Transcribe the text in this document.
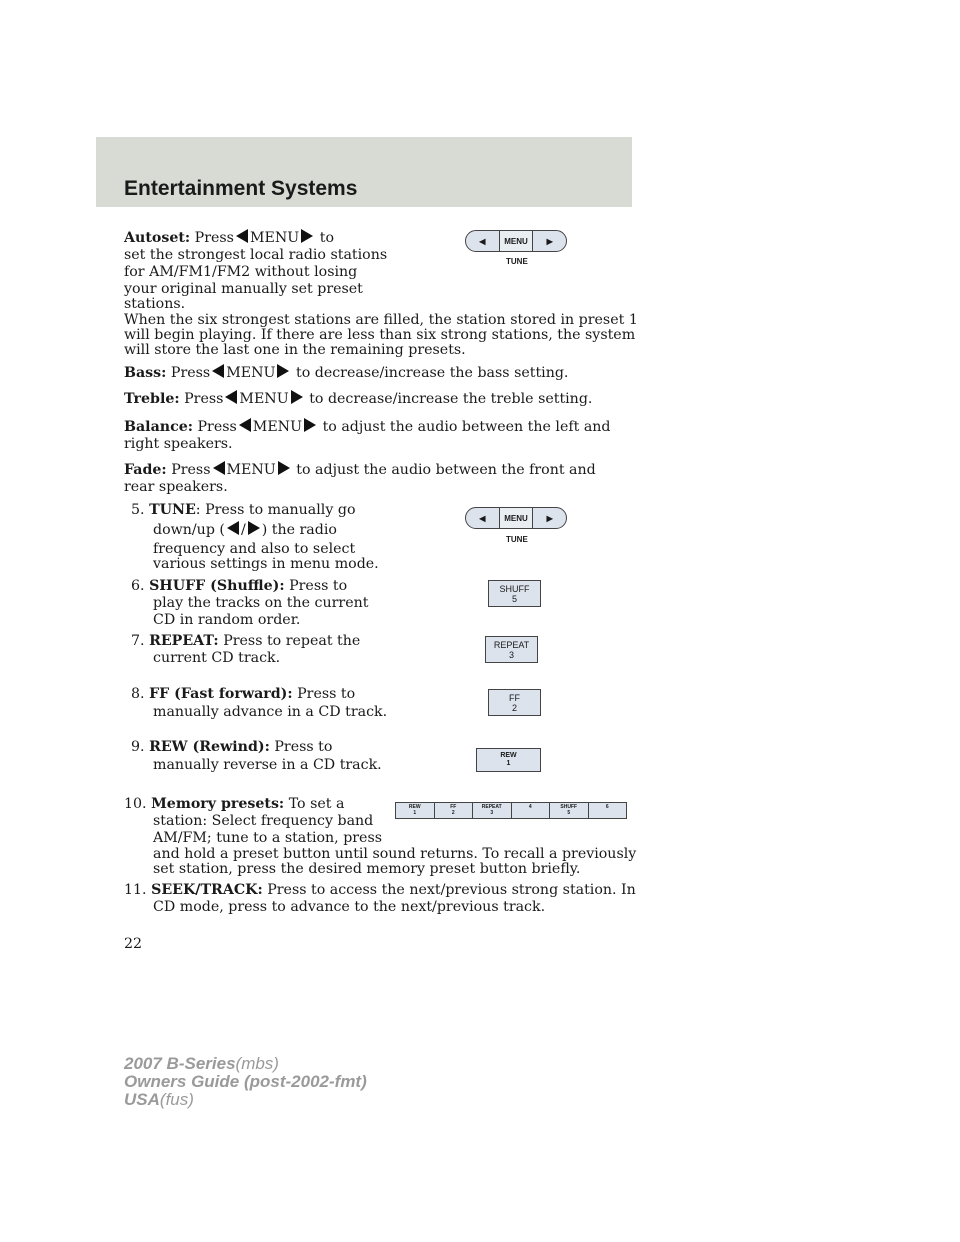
Entertainment Systems
Autoset: Press MENU to
set the strongest local radio stations
for AM/FM1/FM2 without losing
your original manually set preset
stations.
When the six strongest stations are filled, the station stored in preset 1
will begin playing. If there are less than six strong stations, the system
will store the last one in the remaining presets.
◀	MENU	▶
TUNE
Bass: Press MENU to decrease/increase the bass setting.
Treble: Press MENU to decrease/increase the treble setting.
Balance: Press MENU to adjust the audio between the left and
right speakers.
Fade: Press MENU to adjust the audio between the front and
rear speakers.
5. TUNE: Press to manually go
down/up ( / ) the radio
frequency and also to select
various settings in menu mode.
◀	MENU	▶
TUNE
6. SHUFF (Shuffle): Press to
play the tracks on the current
CD in random order.
SHUFF
5
7. REPEAT: Press to repeat the
current CD track.
REPEAT
3
8. FF (Fast forward): Press to
manually advance in a CD track.
FF
2
9. REW (Rewind): Press to
manually reverse in a CD track.
REW
1
10. Memory presets: To set a
station: Select frequency band
AM/FM; tune to a station, press
and hold a preset button until sound returns. To recall a previously
set station, press the desired memory preset button briefly.
REW
1
FF
2
REPEAT
3
4	SHUFF
5
6
11. SEEK/TRACK: Press to access the next/previous strong station. In
CD mode, press to advance to the next/previous track.
22
2007 B-Series(mbs)
Owners Guide (post-2002-fmt)
USA(fus)
